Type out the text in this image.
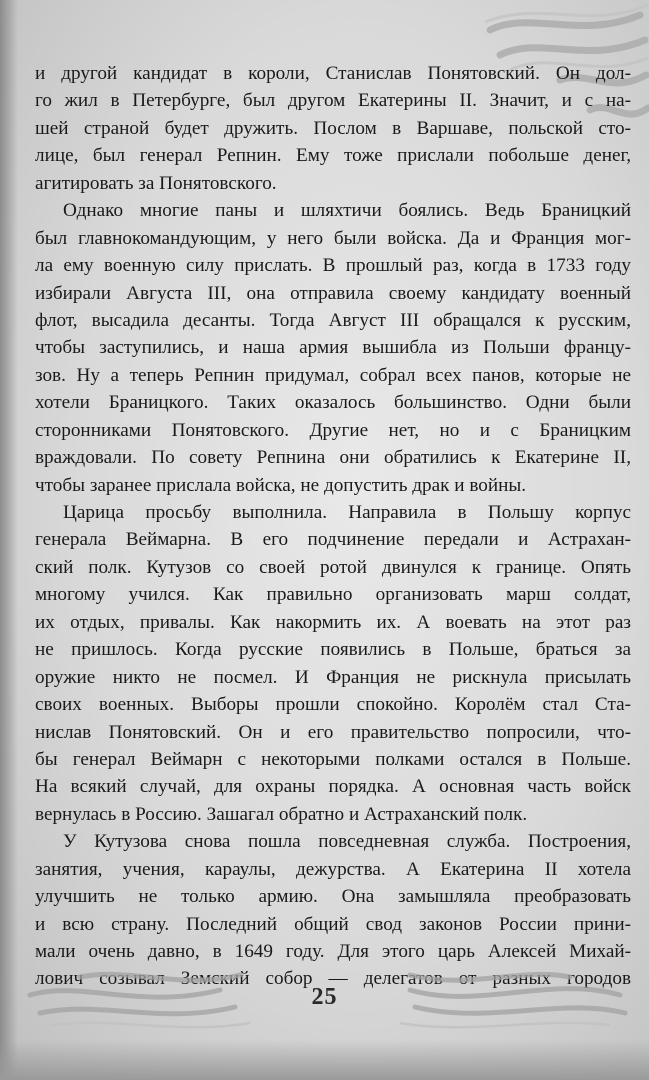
и другой кандидат в короли, Станислав Понятовский. Он дол-
го жил в Петербурге, был другом Екатерины II. Значит, и с на-
шей страной будет дружить. Послом в Варшаве, польской сто-
лице, был генерал Репнин. Ему тоже прислали побольше денег,
агитировать за Понятовского.
Однако многие паны и шляхтичи боялись. Ведь Браницкий
был главнокомандующим, у него были войска. Да и Франция мог-
ла ему военную силу прислать. В прошлый раз, когда в 1733 году
избирали Августа III, она отправила своему кандидату военный
флот, высадила десанты. Тогда Август III обращался к русским,
чтобы заступились, и наша армия вышибла из Польши францу-
зов. Ну а теперь Репнин придумал, собрал всех панов, которые не
хотели Браницкого. Таких оказалось большинство. Одни были
сторонниками Понятовского. Другие нет, но и с Браницким
враждовали. По совету Репнина они обратились к Екатерине II,
чтобы заранее прислала войска, не допустить драк и войны.
Царица просьбу выполнила. Направила в Польшу корпус
генерала Веймарна. В его подчинение передали и Астрахан-
ский полк. Кутузов со своей ротой двинулся к границе. Опять
многому учился. Как правильно организовать марш солдат,
их отдых, привалы. Как накормить их. А воевать на этот раз
не пришлось. Когда русские появились в Польше, браться за
оружие никто не посмел. И Франция не рискнула присылать
своих военных. Выборы прошли спокойно. Королём стал Ста-
нислав Понятовский. Он и его правительство попросили, что-
бы генерал Веймарн с некоторыми полками остался в Польше.
На всякий случай, для охраны порядка. А основная часть войск
вернулась в Россию. Зашагал обратно и Астраханский полк.
У Кутузова снова пошла повседневная служба. Построения,
занятия, учения, караулы, дежурства. А Екатерина II хотела
улучшить не только армию. Она замышляла преобразовать
и всю страну. Последний общий свод законов России прини-
мали очень давно, в 1649 году. Для этого царь Алексей Михай-
лович созывал Земский собор — делегатов от разных городов
25
